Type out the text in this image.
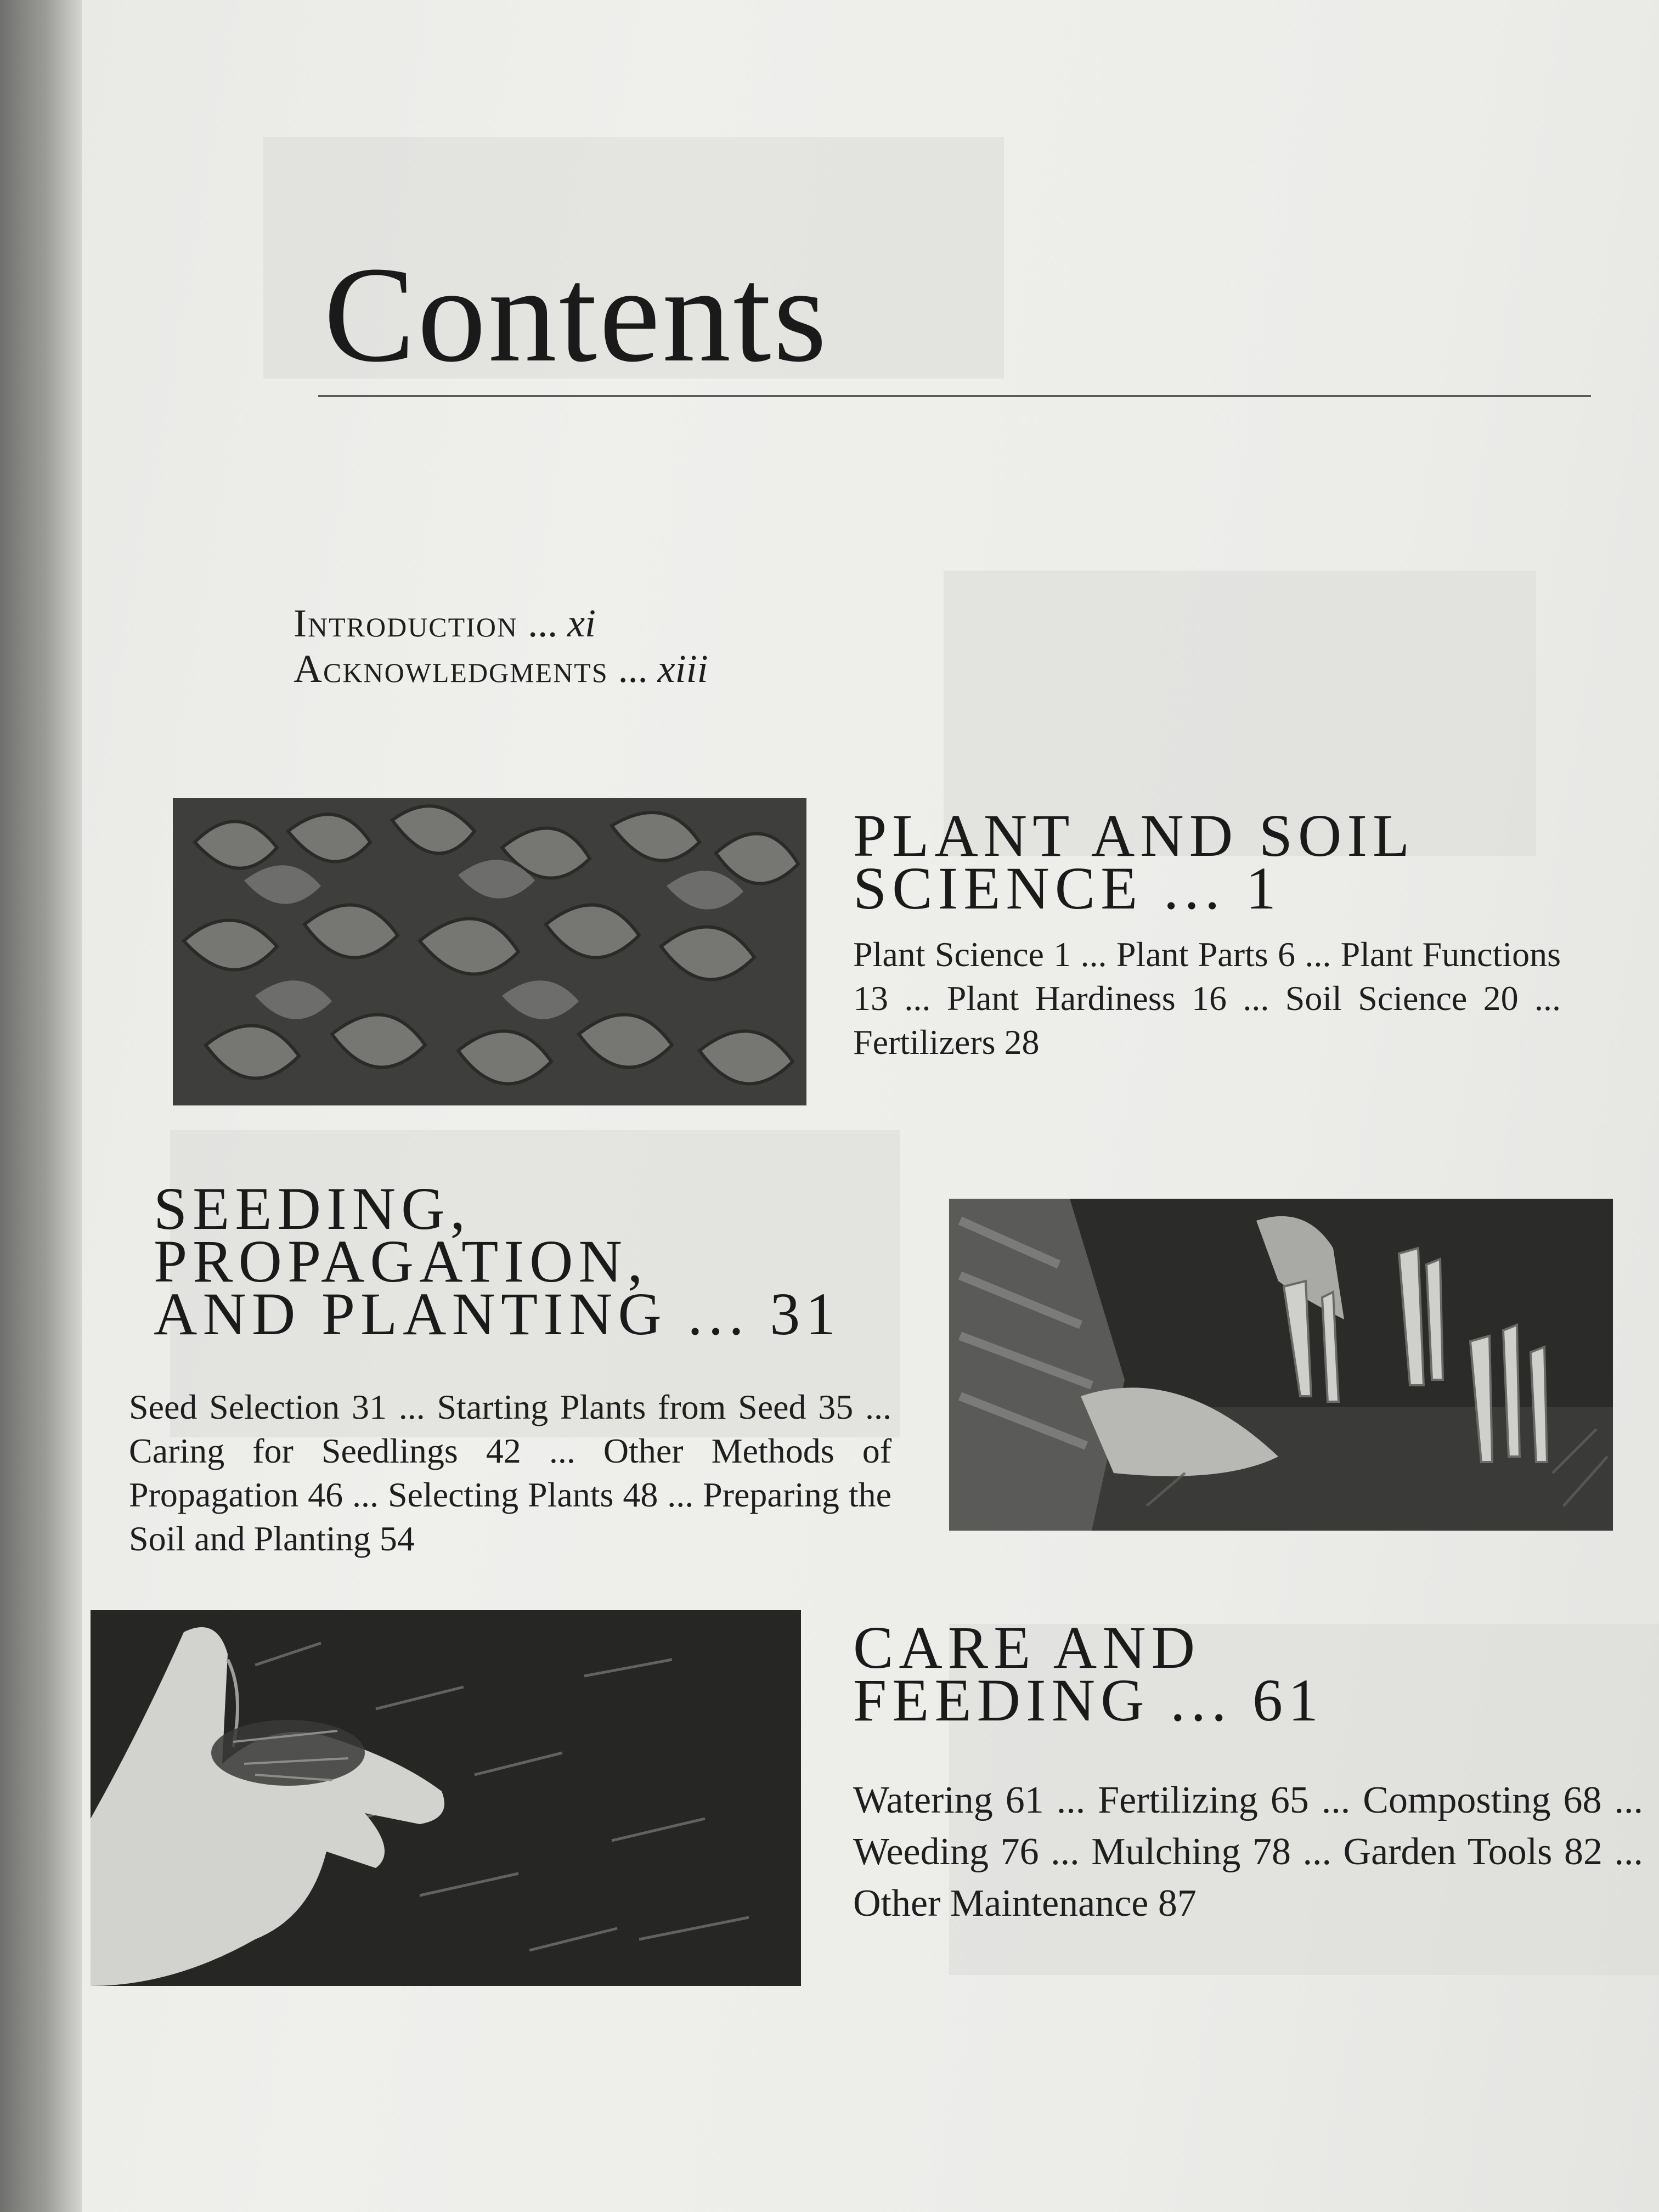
Contents
Introduction ... xi
Acknowledgments ... xiii
PLANT AND SOIL
SCIENCE ... 1

Plant Science 1 ... Plant Parts 6 ... Plant Functions 13 ... Plant Hardiness 16 ... Soil Science 20 ... Fertilizers 28

SEEDING,
PROPAGATION,
AND PLANTING ... 31

Seed Selection 31 ... Starting Plants from Seed 35 ... Caring for Seedlings 42 ... Other Methods of Propagation 46 ... Selecting Plants 48 ... Preparing the Soil and Planting 54

CARE AND
FEEDING ... 61

Watering 61 ... Fertilizing 65 ... Composting 68 ... Weeding 76 ... Mulching 78 ... Garden Tools 82 ... Other Maintenance 87
